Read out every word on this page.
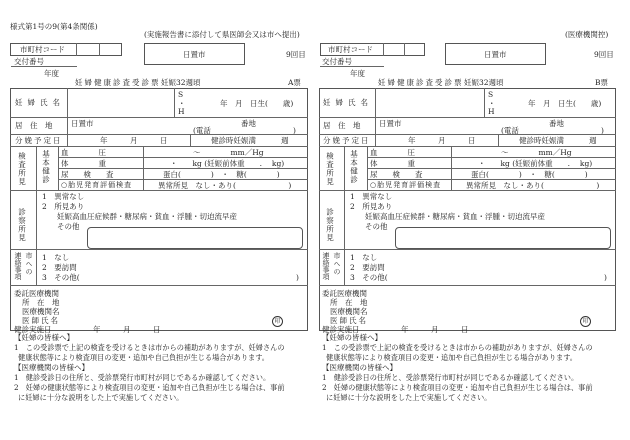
様式第1号の9(第4条関係)
(実施報告書に添付して県医師会又は市へ提出)
市町村コード
交付番号
年度
日置市	9回目
妊婦健康診査受診票 妊娠32週頃	A票
妊婦氏名
S
・
H
年　月　日生(　　歳)
居　住　地 日置市	番地
(電話	)
分娩予定日	年　　　月　　　日	健診時妊娠満	週
検査所見 基本健診 血　　　　圧	〜　　　　mm／Hg
体　　　　重	・　　kg (妊娠前体重　　.　 kg)
尿　　検　　査	蛋白(　　　　)　・　糖(　　　　)
○胎児発育評価検査	異常所見　なし・あり(　　　　　　　)
診察所見
1　異常なし
2　所見あり
妊娠高血圧症候群・糖尿病・貧血・浮腫・切迫流早産
その他
連絡事項 市への 1　なし
2　要訪問
3　その他(	)
委託医療機関
所　在　地
医療機関名
医師氏名	印
健診実施日	年　　　月　　　日
【妊婦の皆様へ】
1　この受診票で上記の検査を受けるときは市からの補助がありますが、妊婦さんの
健康状態等により検査項目の変更・追加や自己負担が生じる場合があります。
【医療機関の皆様へ】
1　健診受診日の住所と、受診票発行市町村が同じであるか確認してください。
2　妊婦の健康状態等により検査項目の変更・追加や自己負担が生じる場合は、事前
に妊婦に十分な説明をした上で実施してください。
(医療機関控)
市町村コード
交付番号
年度
日置市	9回目
妊婦健康診査受診票 妊娠32週頃	B票
妊婦氏名
S
・
H
年　月　日生(　　歳)
居　住　地 日置市	番地
(電話	)
分娩予定日	年　　　月　　　日	健診時妊娠満	週
検査所見 基本健診 血　　　　圧	〜　　　　mm／Hg
体　　　　重	・　　kg (妊娠前体重　　.　 kg)
尿　　検　　査	蛋白(　　　　)　・　糖(　　　　)
○胎児発育評価検査	異常所見　なし・あり(　　　　　　　)
診察所見
1　異常なし
2　所見あり
妊娠高血圧症候群・糖尿病・貧血・浮腫・切迫流早産
その他
連絡事項 市への 1　なし
2　要訪問
3　その他(	)
委託医療機関
所　在　地
医療機関名
医師氏名	印
健診実施日	年　　　月　　　日
【妊婦の皆様へ】
1　この受診票で上記の検査を受けるときは市からの補助がありますが、妊婦さんの
健康状態等により検査項目の変更・追加や自己負担が生じる場合があります。
【医療機関の皆様へ】
1　健診受診日の住所と、受診票発行市町村が同じであるか確認してください。
2　妊婦の健康状態等により検査項目の変更・追加や自己負担が生じる場合は、事前
に妊婦に十分な説明をした上で実施してください。
